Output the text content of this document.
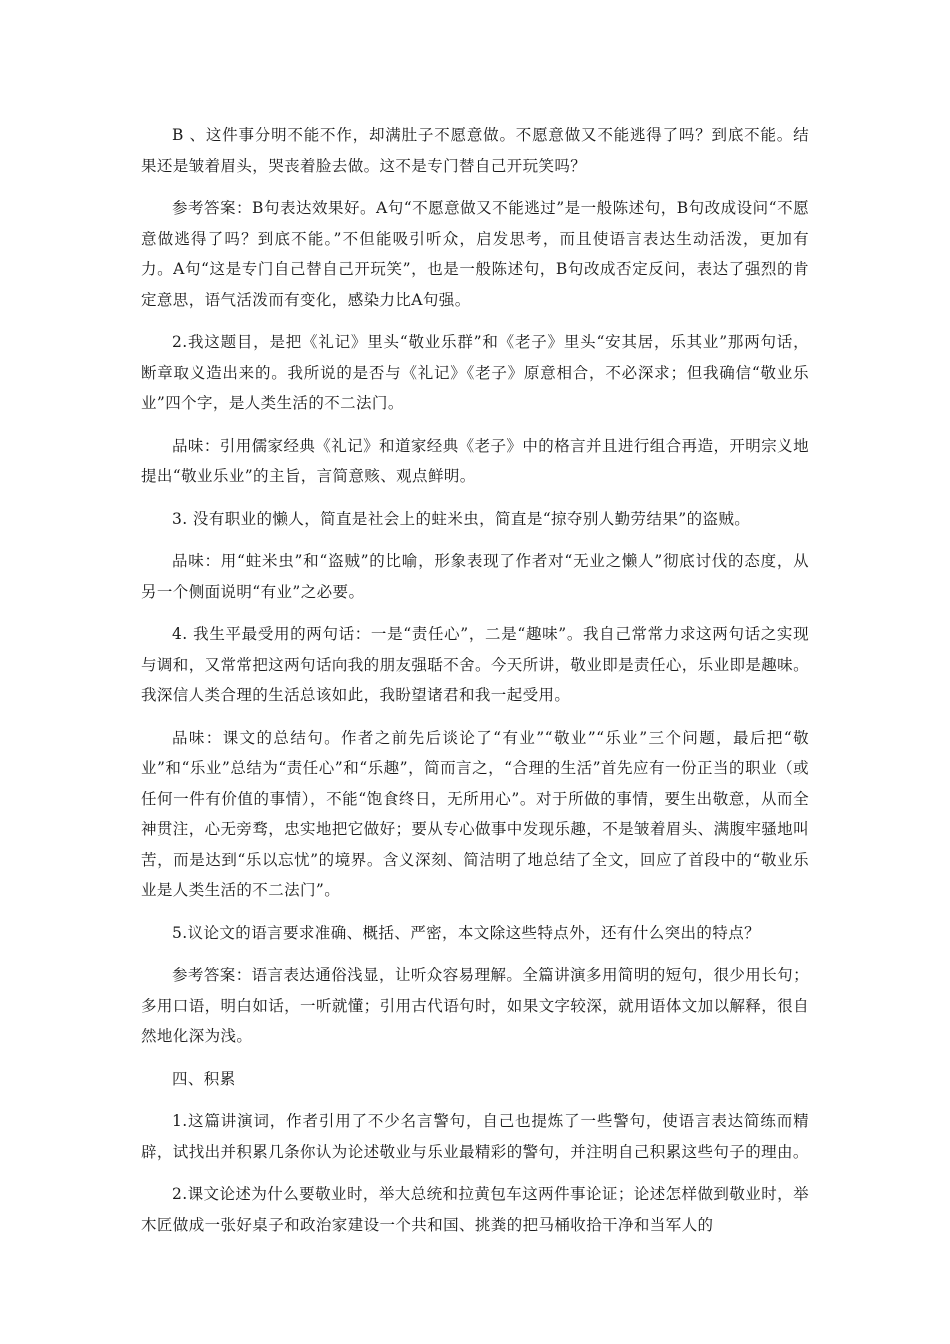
B 、这件事分明不能不作，却满肚子不愿意做。不愿意做又不能逃得了吗？到底不能。结果还是皱着眉头，哭丧着脸去做。这不是专门替自己开玩笑吗？

参考答案：B句表达效果好。A句“不愿意做又不能逃过”是一般陈述句，B句改成设问“不愿意做逃得了吗？到底不能。”不但能吸引听众，启发思考，而且使语言表达生动活泼，更加有力。A句“这是专门自己替自己开玩笑”，也是一般陈述句，B句改成否定反问，表达了强烈的肯定意思，语气活泼而有变化，感染力比A句强。

2.我这题目，是把《礼记》里头“敬业乐群”和《老子》里头“安其居，乐其业”那两句话，断章取义造出来的。我所说的是否与《礼记》《老子》原意相合，不必深求；但我确信“敬业乐业”四个字，是人类生活的不二法门。

品味：引用儒家经典《礼记》和道家经典《老子》中的格言并且进行组合再造，开明宗义地提出“敬业乐业”的主旨，言简意赅、观点鲜明。

3. 没有职业的懒人，简直是社会上的蛀米虫，简直是“掠夺别人勤劳结果”的盗贼。

品味：用“蛀米虫”和“盗贼”的比喻，形象表现了作者对“无业之懒人”彻底讨伐的态度，从另一个侧面说明“有业”之必要。

4. 我生平最受用的两句话：一是“责任心”，二是“趣味”。我自己常常力求这两句话之实现与调和，又常常把这两句话向我的朋友强聒不舍。今天所讲，敬业即是责任心，乐业即是趣味。我深信人类合理的生活总该如此，我盼望诸君和我一起受用。

品味：课文的总结句。作者之前先后谈论了“有业”“敬业”“乐业”三个问题，最后把“敬业”和“乐业”总结为“责任心”和“乐趣”，简而言之，“合理的生活”首先应有一份正当的职业（或任何一件有价值的事情），不能“饱食终日，无所用心”。对于所做的事情，要生出敬意，从而全神贯注，心无旁骛，忠实地把它做好；要从专心做事中发现乐趣，不是皱着眉头、满腹牢骚地叫苦，而是达到“乐以忘忧”的境界。含义深刻、简洁明了地总结了全文，回应了首段中的“敬业乐业是人类生活的不二法门”。

5.议论文的语言要求准确、概括、严密，本文除这些特点外，还有什么突出的特点？

参考答案：语言表达通俗浅显，让听众容易理解。全篇讲演多用简明的短句，很少用长句；多用口语，明白如话，一听就懂；引用古代语句时，如果文字较深，就用语体文加以解释，很自然地化深为浅。

四、积累

1.这篇讲演词，作者引用了不少名言警句，自己也提炼了一些警句，使语言表达简练而精辟，试找出并积累几条你认为论述敬业与乐业最精彩的警句，并注明自己积累这些句子的理由。

2.课文论述为什么要敬业时，举大总统和拉黄包车这两件事论证；论述怎样做到敬业时，举木匠做成一张好桌子和政治家建设一个共和国、挑粪的把马桶收拾干净和当军人的
